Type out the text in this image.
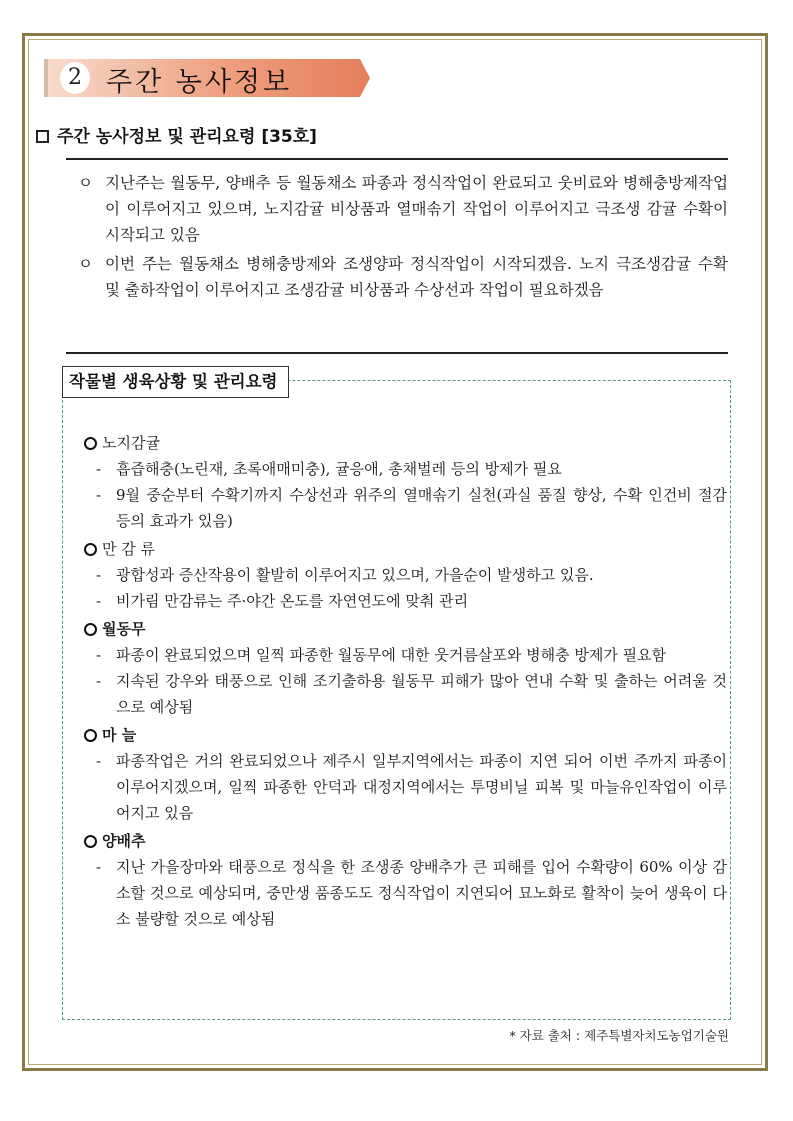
2 주간 농사정보
주간 농사정보 및 관리요령 [35호]
ㅇ 지난주는 월동무, 양배추 등 월동채소 파종과 정식작업이 완료되고 웃비료와 병해충방제작업이 이루어지고 있으며, 노지감귤 비상품과 열매솎기 작업이 이루어지고 극조생 감귤 수확이 시작되고 있음
ㅇ 이번 주는 월동채소 병해충방제와 조생양파 정식작업이 시작되겠음. 노지 극조생감귤 수확 및 출하작업이 이루어지고 조생감귤 비상품과 수상선과 작업이 필요하겠음
작물별 생육상황 및 관리요령
노지감귤
- 흡즙해충(노린재, 초록애매미충), 귤응애, 총채벌레 등의 방제가 필요
- 9월 중순부터 수확기까지 수상선과 위주의 열매솎기 실천(과실 품질 향상, 수확 인건비 절감 등의 효과가 있음)
만 감 류
- 광합성과 증산작용이 활발히 이루어지고 있으며, 가을순이 발생하고 있음.
- 비가림 만감류는 주·야간 온도를 자연연도에 맞춰 관리
월동무
- 파종이 완료되었으며 일찍 파종한 월동무에 대한 웃거름살포와 병해충 방제가 필요함
- 지속된 강우와 태풍으로 인해 조기출하용 월동무 피해가 많아 연내 수확 및 출하는 어려울 것으로 예상됨
마 늘
- 파종작업은 거의 완료되었으나 제주시 일부지역에서는 파종이 지연 되어 이번 주까지 파종이 이루어지겠으며, 일찍 파종한 안덕과 대정지역에서는 투명비닐 피복 및 마늘유인작업이 이루어지고 있음
양배추
- 지난 가을장마와 태풍으로 정식을 한 조생종 양배추가 큰 피해를 입어 수확량이 60% 이상 감소할 것으로 예상되며, 중만생 품종도도 정식작업이 지연되어 묘노화로 활착이 늦어 생육이 다소 불량할 것으로 예상됨
* 자료 출처 : 제주특별자치도농업기술원
